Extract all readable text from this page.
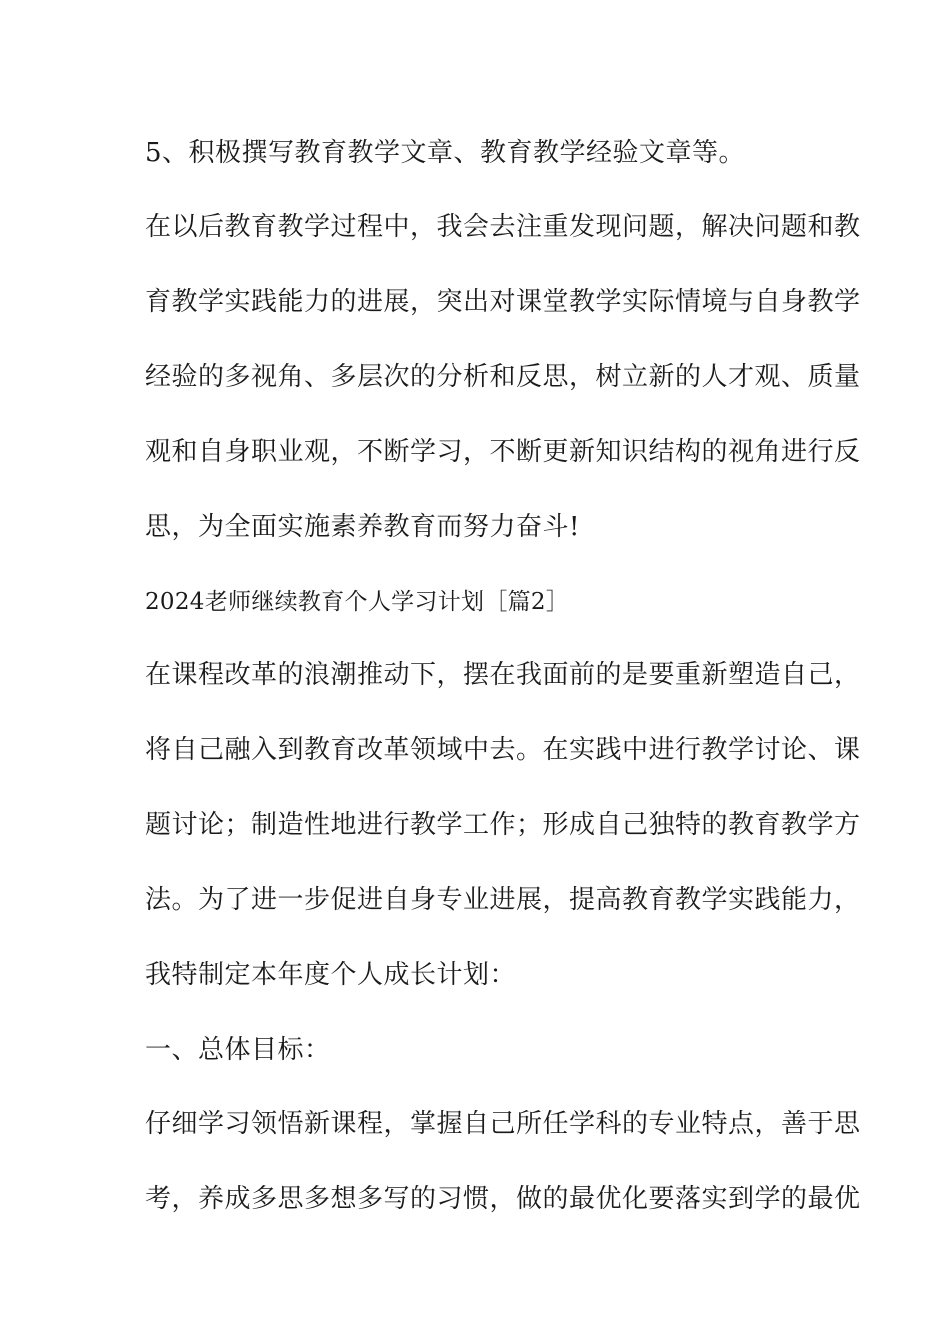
5、积极撰写教育教学文章、教育教学经验文章等。
在以后教育教学过程中，我会去注重发现问题，解决问题和教
育教学实践能力的进展，突出对课堂教学实际情境与自身教学
经验的多视角、多层次的分析和反思，树立新的人才观、质量
观和自身职业观，不断学习，不断更新知识结构的视角进行反
思，为全面实施素养教育而努力奋斗!
2024老师继续教育个人学习计划［篇2］
在课程改革的浪潮推动下，摆在我面前的是要重新塑造自己，
将自己融入到教育改革领域中去。在实践中进行教学讨论、课
题讨论；制造性地进行教学工作；形成自己独特的教育教学方
法。为了进一步促进自身专业进展，提高教育教学实践能力，
我特制定本年度个人成长计划：
一、总体目标：
仔细学习领悟新课程，掌握自己所任学科的专业特点，善于思
考，养成多思多想多写的习惯，做的最优化要落实到学的最优
